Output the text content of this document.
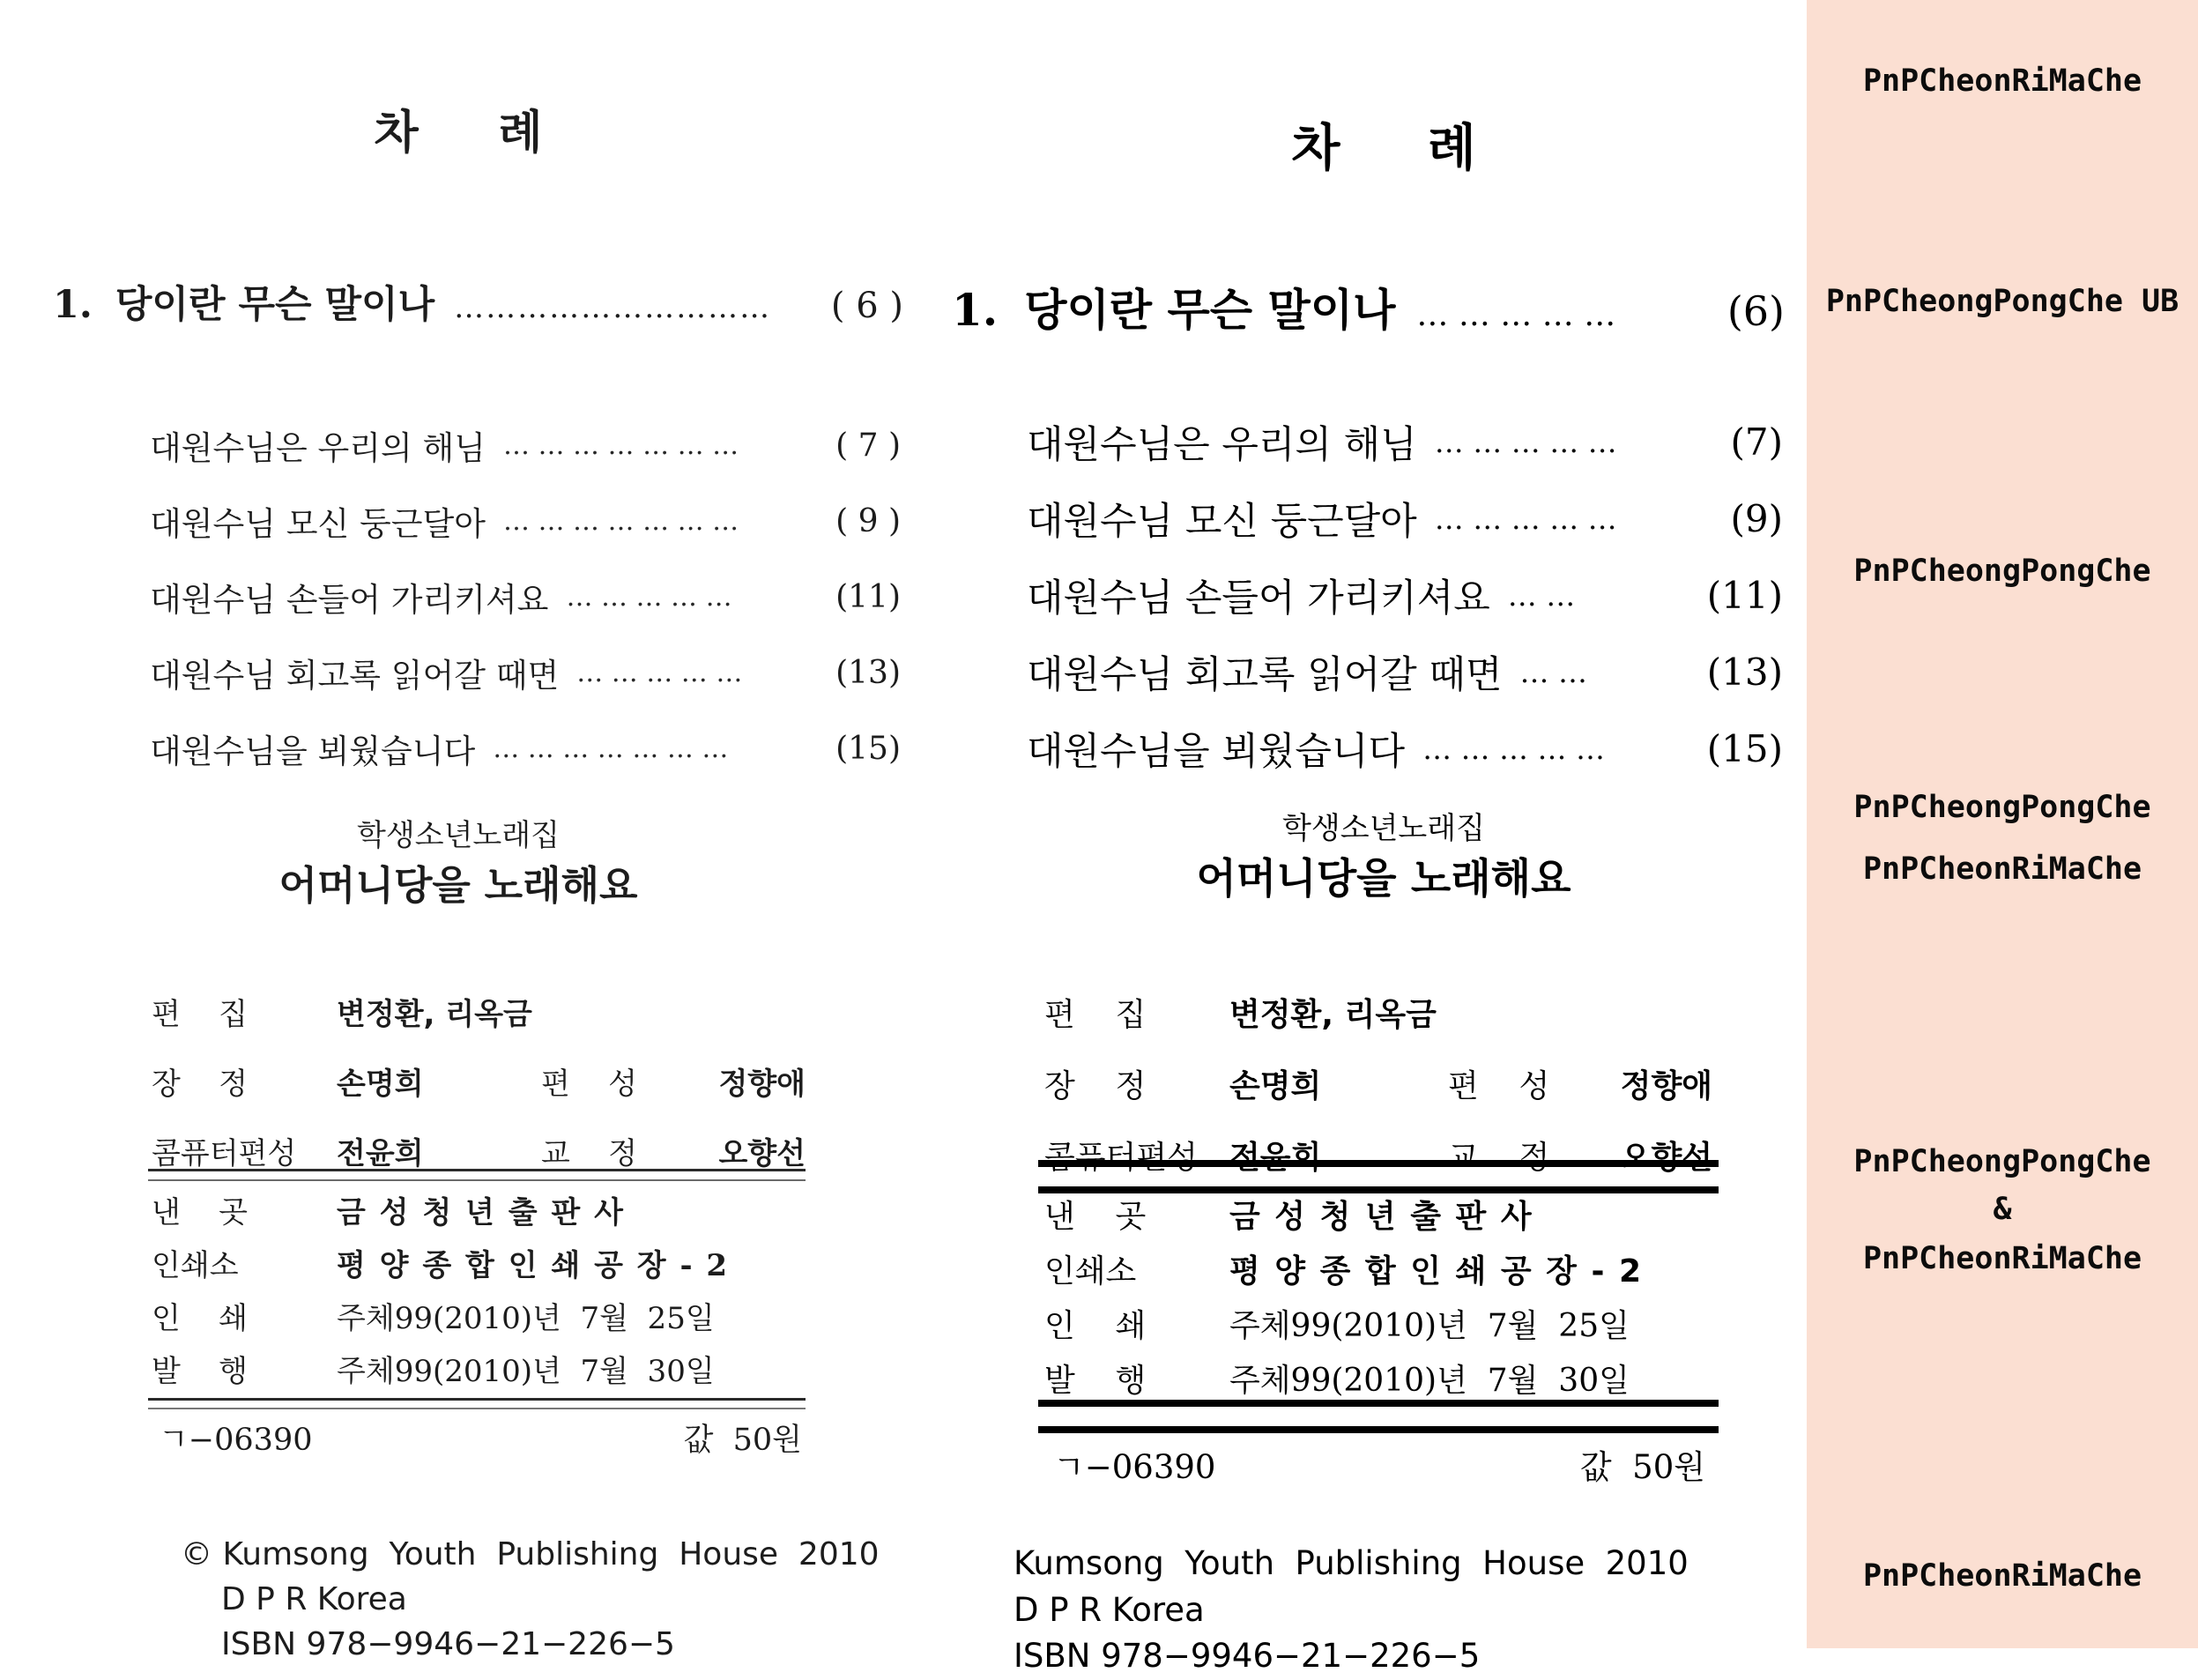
차     례
1. 당이란 무슨 말이나 ………………………… ( 6 )
대원수님은 우리의 해님 … … … … … … …	( 7 )
대원수님 모신 둥근달아 … … … … … … …	( 9 )
대원수님 손들어 가리키셔요 … … … … …	(11)
대원수님 회고록 읽어갈 때면 … … … … …	(13)
대원수님을 뵈웠습니다 … … … … … … …	(15)
학생소년노래집
어머니당을 노래해요
편    집	변정환, 리옥금
장    정	손명희	편    성	정향애
콤퓨터편성	전윤희	교    정	오향선
낸    곳	금 성 청 년 출 판 사
인쇄소	평 양 종 합 인 쇄 공 장 - 2
인    쇄	주체99(2010)년  7월  25일
발    행	주체99(2010)년  7월  30일
ㄱ−06390	값  50원
© Kumsong  Youth  Publishing  House  2010
D P R Korea
ISBN 978−9946−21−226−5
차     례
1. 당이란 무슨 말이나 … … … … …	(6)
대원수님은 우리의 해님 … … … … …	(7)
대원수님 모신 둥근달아 … … … … …	(9)
대원수님 손들어 가리키셔요 … …	(11)
대원수님 회고록 읽어갈 때면 … …	(13)
대원수님을 뵈웠습니다 … … … … …	(15)
학생소년노래집
어머니당을 노래해요
편    집	변정환, 리옥금
장    정	손명희	편    성	정향애
콤퓨터편성	전윤희	교    정	오향선
낸    곳	금 성 청 년 출 판 사
인쇄소	평 양 종 합 인 쇄 공 장 - 2
인    쇄	주체99(2010)년  7월  25일
발    행	주체99(2010)년  7월  30일
ㄱ−06390	값  50원
Kumsong  Youth  Publishing  House  2010
D P R Korea
ISBN 978−9946−21−226−5
PnPCheonRiMaChe
PnPCheongPongChe UB
PnPCheongPongChe
PnPCheongPongChe
PnPCheonRiMaChe
PnPCheongPongChe
&
PnPCheonRiMaChe
PnPCheonRiMaChe
